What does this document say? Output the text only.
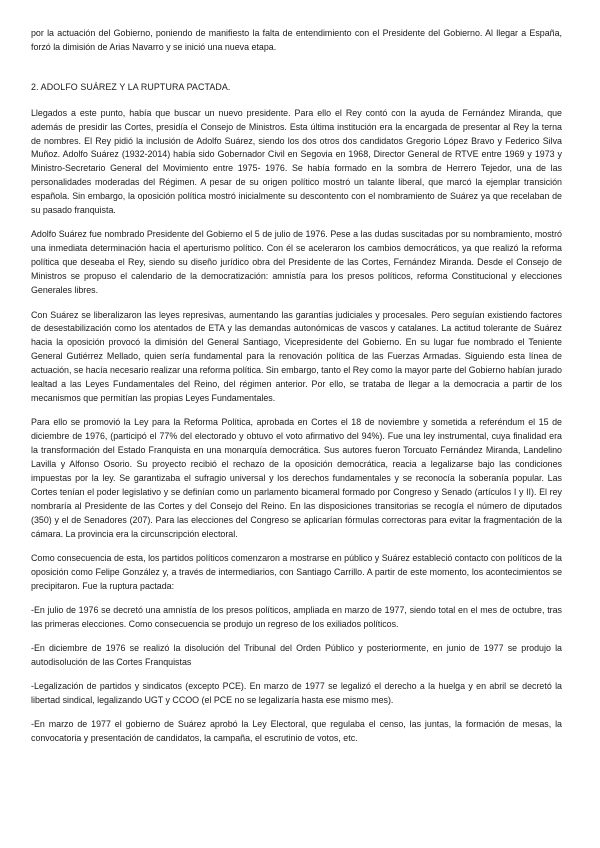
por la actuación del Gobierno, poniendo de manifiesto la falta de entendimiento con el Presidente del Gobierno. Al llegar a España, forzó la dimisión de Arias Navarro y se inició una nueva etapa.

2. ADOLFO SUÁREZ Y LA RUPTURA PACTADA.

Llegados a este punto, había que buscar un nuevo presidente. Para ello el Rey contó con la ayuda de Fernández Miranda, que además de presidir las Cortes, presidía el Consejo de Ministros. Esta última institución era la encargada de presentar al Rey la terna de nombres. El Rey pidió la inclusión de Adolfo Suárez, siendo los dos otros dos candidatos Gregorio López Bravo y Federico Silva Muñoz. Adolfo Suárez (1932-2014) había sido Gobernador Civil en Segovia en 1968, Director General de RTVE entre 1969 y 1973 y Ministro-Secretario General del Movimiento entre 1975- 1976. Se había formado en la sombra de Herrero Tejedor, una de las personalidades moderadas del Régimen. A pesar de su origen político mostró un talante liberal, que marcó la ejemplar transición española. Sin embargo, la oposición política mostró inicialmente su descontento con el nombramiento de Suárez ya que recelaban de su pasado franquista.

Adolfo Suárez fue nombrado Presidente del Gobierno el 5 de julio de 1976. Pese a las dudas suscitadas por su nombramiento, mostró una inmediata determinación hacia el aperturismo político. Con él se aceleraron los cambios democráticos, ya que realizó la reforma política que deseaba el Rey, siendo su diseño jurídico obra del Presidente de las Cortes, Fernández Miranda. Desde el Consejo de Ministros se propuso el calendario de la democratización: amnistía para los presos políticos, reforma Constitucional y elecciones Generales libres.

Con Suárez se liberalizaron las leyes represivas, aumentando las garantías judiciales y procesales. Pero seguían existiendo factores de desestabilización como los atentados de ETA y las demandas autonómicas de vascos y catalanes. La actitud tolerante de Suárez hacia la oposición provocó la dimisión del General Santiago, Vicepresidente del Gobierno. En su lugar fue nombrado el Teniente General Gutiérrez Mellado, quien sería fundamental para la renovación política de las Fuerzas Armadas. Siguiendo esta línea de actuación, se hacía necesario realizar una reforma política. Sin embargo, tanto el Rey como la mayor parte del Gobierno habían jurado lealtad a las Leyes Fundamentales del Reino, del régimen anterior. Por ello, se trataba de llegar a la democracia a partir de los mecanismos que permitían las propias Leyes Fundamentales.

Para ello se promovió la Ley para la Reforma Política, aprobada en Cortes el 18 de noviembre y sometida a referéndum el 15 de diciembre de 1976, (participó el 77% del electorado y obtuvo el voto afirmativo del 94%). Fue una ley instrumental, cuya finalidad era la transformación del Estado Franquista en una monarquía democrática. Sus autores fueron Torcuato Fernández Miranda, Landelino Lavilla y Alfonso Osorio. Su proyecto recibió el rechazo de la oposición democrática, reacia a legalizarse bajo las condiciones impuestas por la ley. Se garantizaba el sufragio universal y los derechos fundamentales y se reconocía la soberanía popular. Las Cortes tenían el poder legislativo y se definían como un parlamento bicameral formado por Congreso y Senado (artículos I y II). El rey nombraría al Presidente de las Cortes y del Consejo del Reino. En las disposiciones transitorias se recogía el número de diputados (350) y el de Senadores (207). Para las elecciones del Congreso se aplicarían fórmulas correctoras para evitar la fragmentación de la cámara. La provincia era la circunscripción electoral.

Como consecuencia de esta, los partidos políticos comenzaron a mostrarse en público y Suárez estableció contacto con políticos de la oposición como Felipe González y, a través de intermediarios, con Santiago Carrillo. A partir de este momento, los acontecimientos se precipitaron. Fue la ruptura pactada:

-En julio de 1976 se decretó una amnistía de los presos políticos, ampliada en marzo de 1977, siendo total en el mes de octubre, tras las primeras elecciones. Como consecuencia se produjo un regreso de los exiliados políticos.

-En diciembre de 1976 se realizó la disolución del Tribunal del Orden Público y posteriormente, en junio de 1977 se produjo la autodisolución de las Cortes Franquistas

-Legalización de partidos y sindicatos (excepto PCE). En marzo de 1977 se legalizó el derecho a la huelga y en abril se decretó la libertad sindical, legalizando UGT y CCOO (el PCE no se legalizaría hasta ese mismo mes).

-En marzo de 1977 el gobierno de Suárez aprobó la Ley Electoral, que regulaba el censo, las juntas, la formación de mesas, la convocatoria y presentación de candidatos, la campaña, el escrutinio de votos, etc.
